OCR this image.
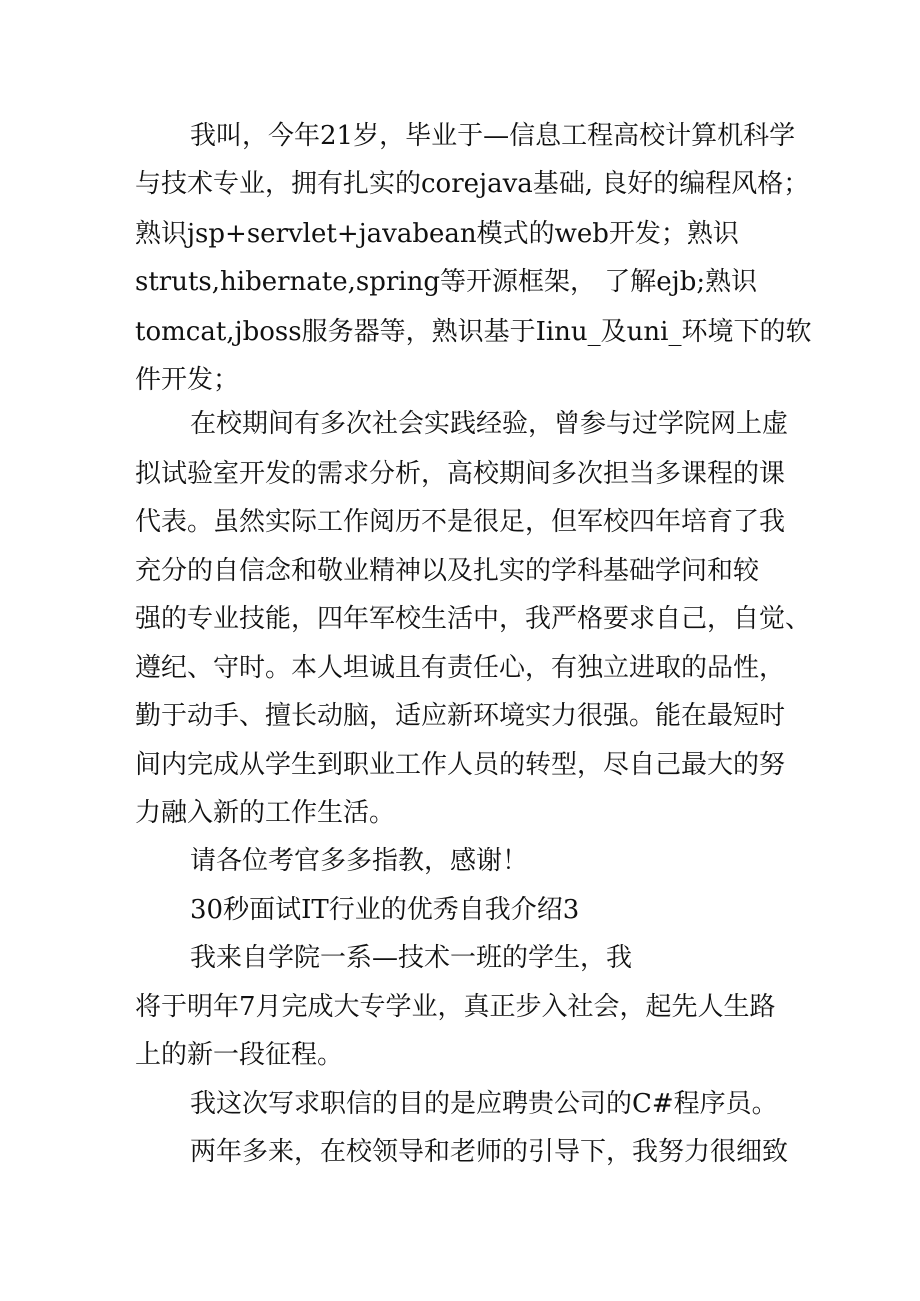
我叫，今年21岁，毕业于—信息工程高校计算机科学
与技术专业，拥有扎实的corejava基础, 良好的编程风格；
熟识jsp+servlet+javabean模式的web开发；熟识
struts,hibernate,spring等开源框架， 了解ejb;熟识
tomcat,jboss服务器等，熟识基于Iinu_及uni_环境下的软
件开发；
在校期间有多次社会实践经验，曾参与过学院网上虚
拟试验室开发的需求分析，高校期间多次担当多课程的课
代表。虽然实际工作阅历不是很足，但军校四年培育了我
充分的自信念和敬业精神以及扎实的学科基础学问和较
强的专业技能，四年军校生活中，我严格要求自己，自觉、
遵纪、守时。本人坦诚且有责任心，有独立进取的品性，
勤于动手、擅长动脑，适应新环境实力很强。能在最短时
间内完成从学生到职业工作人员的转型，尽自己最大的努
力融入新的工作生活。
请各位考官多多指教，感谢！
30秒面试IT行业的优秀自我介绍3
我来自学院一系—技术一班的学生，我
将于明年7月完成大专学业，真正步入社会，起先人生路
上的新一段征程。
我这次写求职信的目的是应聘贵公司的C#程序员。
两年多来，在校领导和老师的引导下，我努力很细致
